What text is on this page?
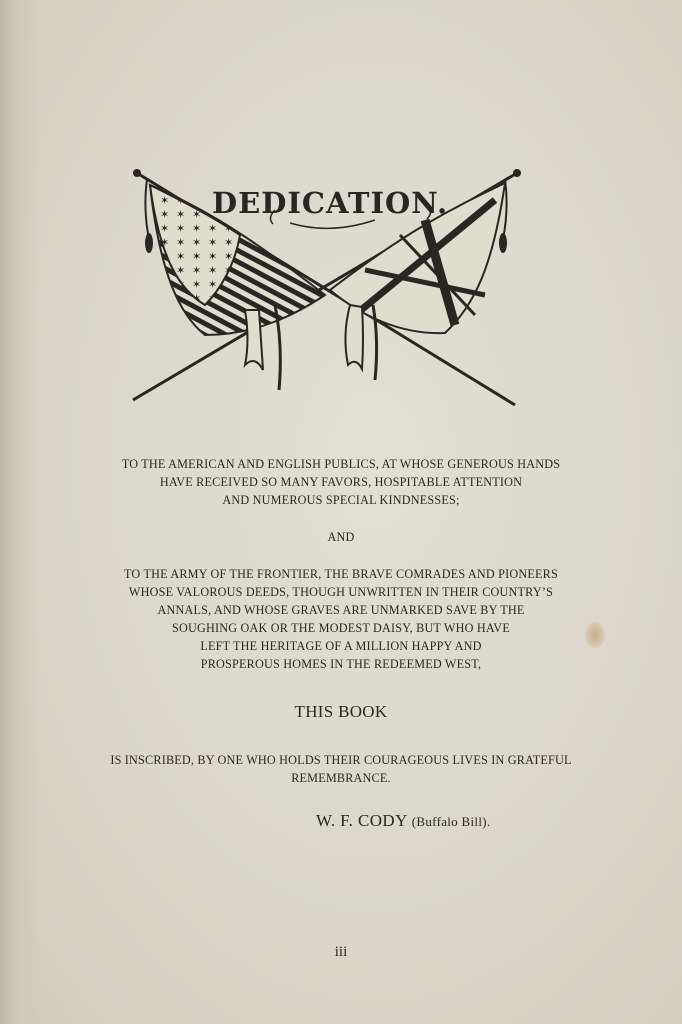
DEDICATION.
TO THE AMERICAN AND ENGLISH PUBLICS, AT WHOSE GENEROUS HANDS
HAVE RECEIVED SO MANY FAVORS, HOSPITABLE ATTENTION
AND NUMEROUS SPECIAL KINDNESSES;
AND
TO THE ARMY OF THE FRONTIER, THE BRAVE COMRADES AND PIONEERS
WHOSE VALOROUS DEEDS, THOUGH UNWRITTEN IN THEIR COUNTRY’S
ANNALS, AND WHOSE GRAVES ARE UNMARKED SAVE BY THE
SOUGHING OAK OR THE MODEST DAISY, BUT WHO HAVE
LEFT THE HERITAGE OF A MILLION HAPPY AND
PROSPEROUS HOMES IN THE REDEEMED WEST,
THIS BOOK
IS INSCRIBED, BY ONE WHO HOLDS THEIR COURAGEOUS LIVES IN GRATEFUL
REMEMBRANCE.
W. F. CODY (Buffalo Bill).
iii
